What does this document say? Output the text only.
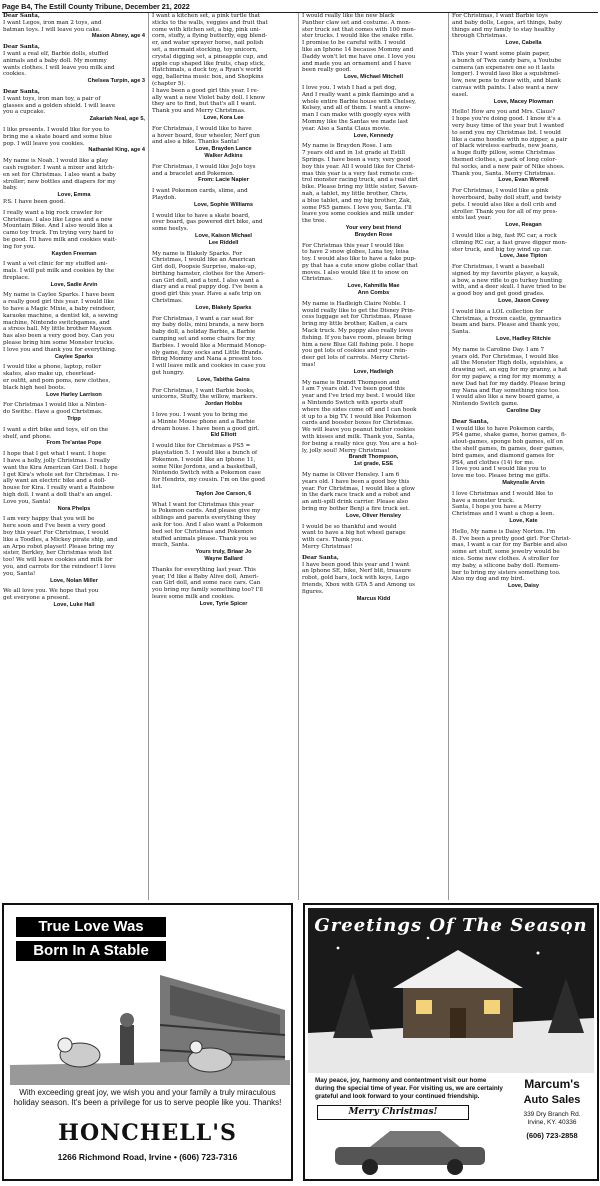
Page B4, The Estill County Tribune, December 21, 2022

Dear Santa,

I want Legos, iron man 2 toys, and

batman toys. I will leave you cake.

Mason Abney, age 4

Dear Santa,

I want a real elf, Barbie dolls, stuffed

animals and a baby doll. My mommy

wants clothes. I will leave you milk and

cookies.

Chelsea Turpin, age 3

Dear Santa,

I want toys, iron man toy, a pair of

glasses and a golden shield. I will leave

you a cupcake.

Zakariah Neal, age 5,

I like presents. I would like for you to

bring me a skate board and some blue

pop. I will leave you cookies.

Nathaniel King, age 4

My name is Noah. I would like a play

cash register. I want a mixer and kitch-

en set for Christmas. I also want a baby

stroller; new bottles and diapers for my

baby.

Love, Emma

P.S. I have been good.

I really want a big rock crawler for

Christmas. I also like Legos and a new

Mountain Bike. And I also would like a

camo toy truck. I'm trying very hard to

be good. I'll have milk and cookies wait-

ing for you.

Kayden Freeman

I want a vet clinic for my stuffed ani-

mals. I will put milk and cookies by the

fireplace.

Love, Sadie Arvin

My name is Caylee Sparks. I have been

a really good girl this year. I would like

to have a Magic Mixie, a baby reindeer,

karaoke machine, a dentist kit, a sewing

machine, Nintendo switchgames, and

a stress ball. My little brother Mayson

has also been a very good boy. Can you

please bring him some Monster trucks.

I love you and thank you for everything.

Caylee Sparks

I would like a phone, laptop, roller

skates, also make up, cheerlead-

er outfit, and pom poms, new clothes,

black high heel boots.

Love Harley Larrison

For Christmas I would like a Ninten-

do Swithc. Have a good Christmas.

Tripp

I want a dirt bike and toys, elf on the

shelf, and phone.

From Tre'antae Pope

I hope that I get what I want. I hope

I have a holly, jolly Christmas. I really

want the Kira American Girl Doll. I hope

I get Kira's whole set for Christmas. I re-

ally want an electric bike and a doll-

house for Kira. I really want a Rainbow

high doll. I want a doll that's an angel.

Love you, Santa!

Nora Phelps

I am very happy that you will be

here soon and I've been a very good

boy this year! For Christmas, I would

like a Toodles, a Mickey pirate ship, and

an Arpo robot playset! Please bring my

sister, Berkley, her Christmas wish list

too! We will leave cookies and milk for

you, and carrots for the reindeer! I love

you, Santa!

Love, Nolan Miller

We all love you. We hope that you

get everyone a present.

Love, Luke Hall

I want a kitchen set, a pink turtle that

sticks to the walls, veggies and fruit that

come with kitchen set, a big, pink uni-

corn, stuffy, a flying butterfly, egg blend-

er, and water sprayer horse, nail polish

set, a mermaid stocking, toy unicorn,

crystal digging set, a pineapple cup, and

apple cup shaped like fruits, chap stick,

Hatchimals, a duck toy, a Ryan's world

egg, ballerina music box, and Shopkins

(chapter 5).

I have been a good girl this year. I re-

ally want a new Violet baby doll. I know

they are to find, but that's all I want.

Thank you and Merry Christmas.

Love, Kora Lee

For Christmas, I would like to have

a hover board, four wheeler, Nerf gun

and also a bike. Thanks Santa!

Love, Brayden Lance

Walker Adkins

For Christmas, I would like JoJo toys

and a bracelet and Pokemon.

From: Lacie Napier

I want Pokemon cards, slime, and

Playdoh.

Love, Sophie Williams

I would like to have a skate board,

over board, gas powered dirt bike, and

some heelys.

Love, Kaison Michael

Lee Riddell

My name is Blakely Sparks. For

Christmas, I would like an American

Girl doll, Poopsie Surprise, make-up,

birthing hamster, clothes for the Ameri-

can Girl doll, and a tent. I also want a

diary and a real puppy dog. I've been a

good girl this year. Have a safe trip on

Christmas.

Love, Blakely Sparks

For Christmas, I want a car seat for

my baby dolls, mini brands, a new born

baby doll, a holiday Barbie, a Barbie

camping set and some chairs for my

Barbies. I would like a Mermaid Monop-

oly game, fuzy socks and Little Brands.

Bring Mommy and Nana a present too.

I will leave milk and cookies in case you

get hungry.

Love, Tabitha Gains

For Christmas, I want Barbie books,

unicorns, Stuffy, the willow, markers.

Jordan Hobbs

I love you. I want you to bring me

a Minnie Mouse phone and a Barbie

dream house. I have been a good girl.

Eld Elliott

I would like for Christmas a PS5 =

playstation 5. I would like a bunch of

Pokemon. I would like an Iphone 11,

some Nike Jordons, and a basketball,

Nintendo Switch with a Pokemon case

for Hendrix, my cousin. I'm on the good

list.

Taylon Joe Carson, 6

What I want for Christmas this year

is Pokemon cards. And please give my

siblings and parents everything they

ask for too. And I also want a Pokemon

bed set for Christmas and Pokemon

stuffed animals please. Thank you so

much, Santa.

Yours truly, Briaar Jo

Wayne Ballard

Thanks for everything last year. This

year, I'd like a Baby Alive doll, Ameri-

can Girl doll, and some race cars. Can

you bring my family something too? I'll

leave some milk and cookies.

Love, Tyrie Spicer

I would really like the new black

Panther claw set and costume. A mon-

ster truck set that comes with 100 mon-

ster trucks. I would like the snake rifle.

I promise to be careful with. I would

like an Iphone 14 because Mommy and

Daddy won't let me have one. I love you

and made you an ornament and I have

been really good.

Love, Michael Mitchell

I love you. I wish I had a pet dog,

And I really want a pink flamingo and a

whole entire Barbie house with Chelsey,

Kelsey, and all of them. I want a snow-

man I can make with googly eyes with

Mommy like the Santas we made last

year. Also a Santa Claus movie.

Love, Kennedy

My name is Brayden Rose. I am

7 years old and in 1st grade at Estill

Springs. I have been a very, very good

boy this year. All I would like for Christ-

mas this year is a very fast remote con-

trol monster racing truck, and a real dirt

bike. Please bring my little sister, Savan-

nah, a tablet, my little brother, Chris,

a blue tablet, and my big brother, Zak,

some PS5 games. I love you, Santa. I'll

leave you some cookies and milk under

the tree.

Your very best friend

Brayden Rose

For Christmas this year I would like

to have 2 snow globes, Lana toy, leisa

toy. I would also like to have a fake pup-

py that has a cute snow globe collar that

moves. I also would like it to snow on

Christmas.

Love, Kahmilla Mae

Ann Combs

My name is Hadleigh Claire Noble. I

would really like to get the Disney Prin-

cess luggage set for Christmas. Please

bring my little brother, Kallen, a cars

Mack truck. My poppy also really loves

fishing. If you have room, please bring

him a new Blue Gill fishing pole. I hope

you get lots of cookies and your rein-

deer get lots of carrots. Merry Christ-

mas!

Love, Hadleigh

My name is Brandt Thompson and

I am 7 years old. I've been good this

year and I've tried my best. I would like

a Nintendo Switch with sports stuff

where the sides come off and I can hook

it up to a big TV. I would like Pokemon

cards and booster boxes for Christmas.

We will leave you peanut butter cookies

with kisses and milk. Thank you, Santa,

for being a really nice guy. You are a hol-

ly, jolly soul! Merry Christmas!

Brandt Thompson,

1st grade, ESE

My name is Oliver Hensley. I am 6

years old. I have been a good boy this

year. For Christmas, I would like a glow

in the dark race track and a robot and

an anti-spill drink carrier. Please also

bring my bother Benji a fire truck set.

Love, Oliver Hensley

I would be so thankful and would

want to have a big hot wheel garage

with cars. Thank you.

Merry Christmas!

Dear Santa,

I have been good this year and I want

an Iphone SE, bike, Nerf blit, treasure

robot, gold bars, lock with keys, Lego

friends, Xbox with GTA 5 and Among us

figures.

Marcus Kidd

For Christmas, I want Barbie toys

and baby dolls, Legos, art things, baby

things and my family to stay healthy

through Christmas.

Love, Cabella

This year I want some plain paper,

a bunch of Twix candy bars, a Youtube

camera (an expensive one so it lasts

longer). I would laso like a squishmel-

low, new pens to draw with, and blank

canvas with paints. I also want a new

easel.

Love, Macey Plowman

Hello! How are you and Mrs. Claus?

I hope you're doing good. I know it's a

very busy time of the year but I wanted

to send you my Christmas list. I would

like a camo hoodie with no zipper, a pair

of black wireless earbuds, new jeans,

a huge fluffy pillow, some Christmas

themed clothes, a pack of long color-

ful socks, and a new pair of Nike shoes.

Thank you, Santa. Merry Christmas.

Love, Evan Worrell

For Christmas, I would like a pink

hoverboard, baby doll stuff, and twisty

pets. I would also like a doll crib and

stroller. Thank you for all of my pres-

ents last year.

Love, Reagan

I would like a big, fast RC car, a rock

climing RC car, a fast grave digger mon-

ster truck, and big toy wind up car.

Love, Jase Tipton

For Christmas, I want a baseball

signed by my favorite player, a kayak,

a bow, a new rifle to go turkey hunting

with, and a deer skull. I have tried to be

a good boy and get good grades.

Love, Jaxon Covey

I would like a LOL collection for

Christmas, a frozen castle, gymnastics

beam and bars. Please and thank you,

Santa.

Love, Hadley Ritchie

My name is Caroline Day. I am 7

years old. For Christmas, I would like

all the Monster High dolls, squishies, a

drawing set, an egg for my granny, a hat

for my papaw, a ring for my mommy, a

new Dad hat for my daddy. Please bring

my Nana and Ray something nice too.

I would also like a new board game, a

Nintendo Switch game.

Caroline Day

Dear Santa,

I would like to have Pokemon cards,

PS4 game, shake game, horse games, fi-

atout-games, sponge bob games, elf on

the shelf games, fn games, deer games,

bird games, and diamond games for

PS4, and clothes (14) for me.

I love you and I would like you to

love me too. Please bring me gifts.

Makynslie Arvin

I love Christmas and I would like to

have a monster truck.

Santa, I hope you have a Merry

Christmas and I want a chop a leen.

Love, Kate

Hello, My name is Daisy Norton. I'm

8. I've been a pretty good girl. For Christ-

mas, I want a car for my Barbie and also

some art stuff, some jewelry would be

nice. Some new clothes. A stroller for

my baby, a silicone baby doll. Remem-

ber to bring my sisters something too.

Also my dog and my bird.

Love, Daisy

True Love Was
Born In A Stable
With exceeding great joy, we wish you and your family a truly miraculous holiday season. It's been a privilege for us to serve people like you. Thanks!
HONCHELL'S
1266 Richmond Road, Irvine • (606) 723-7316
Greetings Of The Season
May peace, joy, harmony and contentment visit our home during the special time of year. For visiting us, we are certainly grateful and look forward to your continued friendship.
Merry Christmas!
Marcum's
Auto Sales
339 Dry Branch Rd.
Irvine, KY. 40336
(606) 723-2858
